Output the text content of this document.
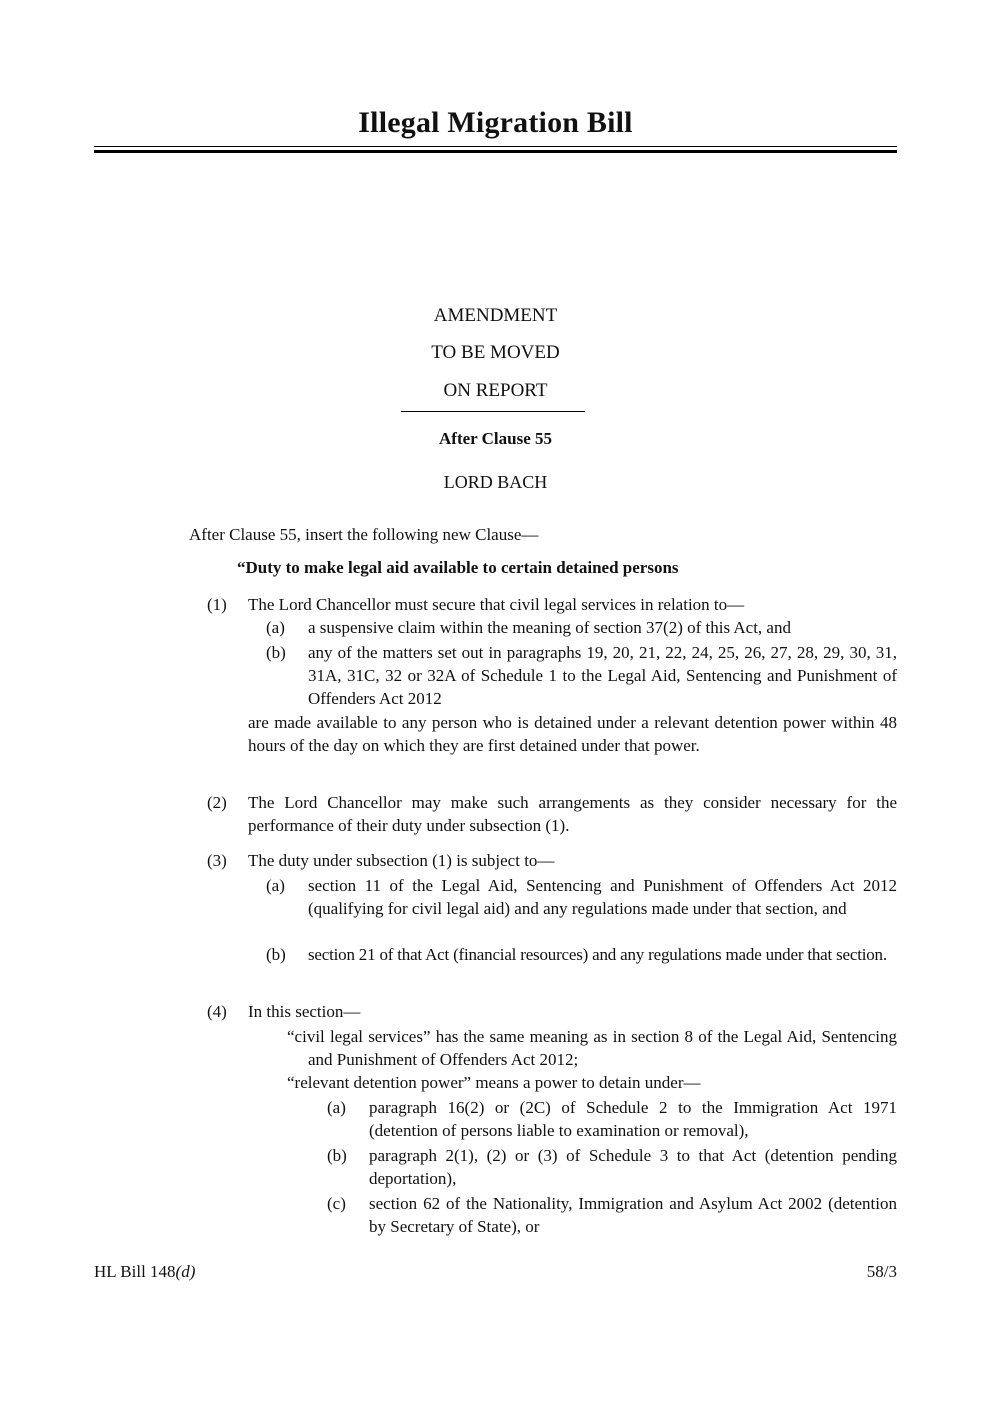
Illegal Migration Bill
AMENDMENT
TO BE MOVED
ON REPORT
After Clause 55
LORD BACH
After Clause 55, insert the following new Clause—
“Duty to make legal aid available to certain detained persons
(1) The Lord Chancellor must secure that civil legal services in relation to—
(a) a suspensive claim within the meaning of section 37(2) of this Act, and
(b) any of the matters set out in paragraphs 19, 20, 21, 22, 24, 25, 26, 27, 28, 29, 30, 31, 31A, 31C, 32 or 32A of Schedule 1 to the Legal Aid, Sentencing and Punishment of Offenders Act 2012
are made available to any person who is detained under a relevant detention power within 48 hours of the day on which they are first detained under that power.
(2) The Lord Chancellor may make such arrangements as they consider necessary for the performance of their duty under subsection (1).
(3) The duty under subsection (1) is subject to—
(a) section 11 of the Legal Aid, Sentencing and Punishment of Offenders Act 2012 (qualifying for civil legal aid) and any regulations made under that section, and
(b) section 21 of that Act (financial resources) and any regulations made under that section.
(4) In this section—
“civil legal services” has the same meaning as in section 8 of the Legal Aid, Sentencing and Punishment of Offenders Act 2012;
“relevant detention power” means a power to detain under—
(a) paragraph 16(2) or (2C) of Schedule 2 to the Immigration Act 1971 (detention of persons liable to examination or removal),
(b) paragraph 2(1), (2) or (3) of Schedule 3 to that Act (detention pending deportation),
(c) section 62 of the Nationality, Immigration and Asylum Act 2002 (detention by Secretary of State), or
HL Bill 148(d)	58/3
